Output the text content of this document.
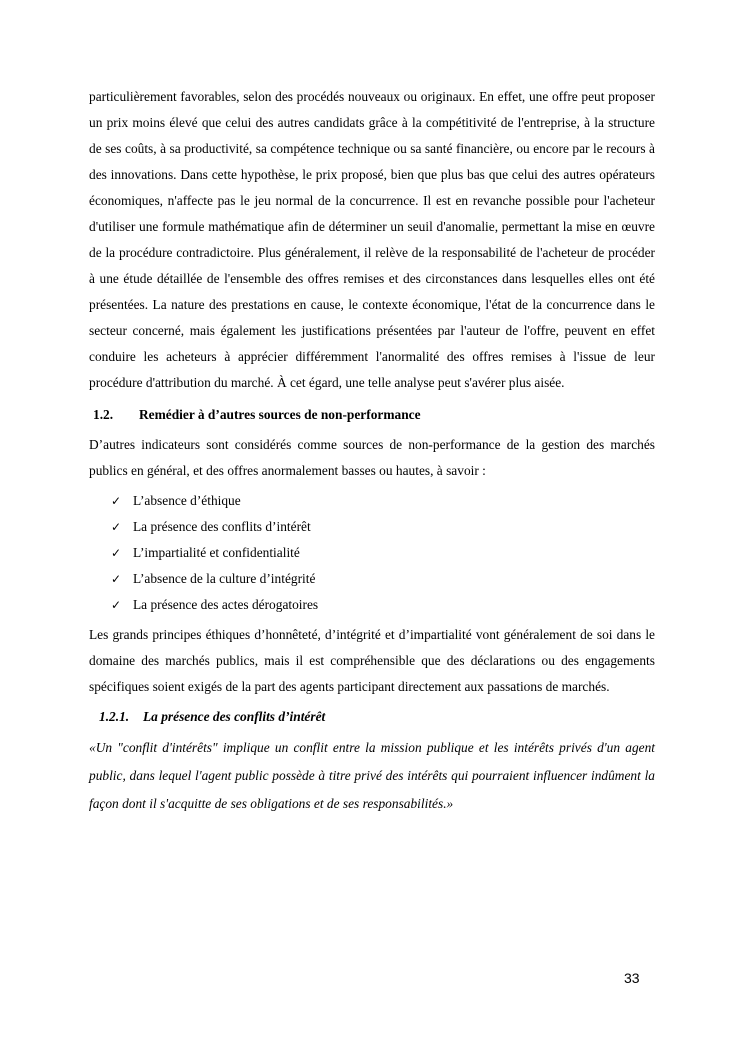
particulièrement favorables, selon des procédés nouveaux ou originaux. En effet, une offre peut proposer un prix moins élevé que celui des autres candidats grâce à la compétitivité de l'entreprise, à la structure de ses coûts, à sa productivité, sa compétence technique ou sa santé financière, ou encore par le recours à des innovations. Dans cette hypothèse, le prix proposé, bien que plus bas que celui des autres opérateurs économiques, n'affecte pas le jeu normal de la concurrence. Il est en revanche possible pour l'acheteur d'utiliser une formule mathématique afin de déterminer un seuil d'anomalie, permettant la mise en œuvre de la procédure contradictoire. Plus généralement, il relève de la responsabilité de l'acheteur de procéder à une étude détaillée de l'ensemble des offres remises et des circonstances dans lesquelles elles ont été présentées. La nature des prestations en cause, le contexte économique, l'état de la concurrence dans le secteur concerné, mais également les justifications présentées par l'auteur de l'offre, peuvent en effet conduire les acheteurs à apprécier différemment l'anormalité des offres remises à l'issue de leur procédure d'attribution du marché. À cet égard, une telle analyse peut s'avérer plus aisée.

1.2. Remédier à d’autres sources de non-performance

D’autres indicateurs sont considérés comme sources de non-performance de la gestion des marchés publics en général, et des offres anormalement basses ou hautes, à savoir :

✓ L’absence d’éthique
✓ La présence des conflits d’intérêt
✓ L’impartialité et confidentialité
✓ L’absence de la culture d’intégrité
✓ La présence des actes dérogatoires

Les grands principes éthiques d’honnêteté, d’intégrité et d’impartialité vont généralement de soi dans le domaine des marchés publics, mais il est compréhensible que des déclarations ou des engagements spécifiques soient exigés de la part des agents participant directement aux passations de marchés.

1.2.1. La présence des conflits d’intérêt

«Un "conflit d'intérêts" implique un conflit entre la mission publique et les intérêts privés d'un agent public, dans lequel l'agent public possède à titre privé des intérêts qui pourraient influencer indûment la façon dont il s'acquitte de ses obligations et de ses responsabilités.»

33
